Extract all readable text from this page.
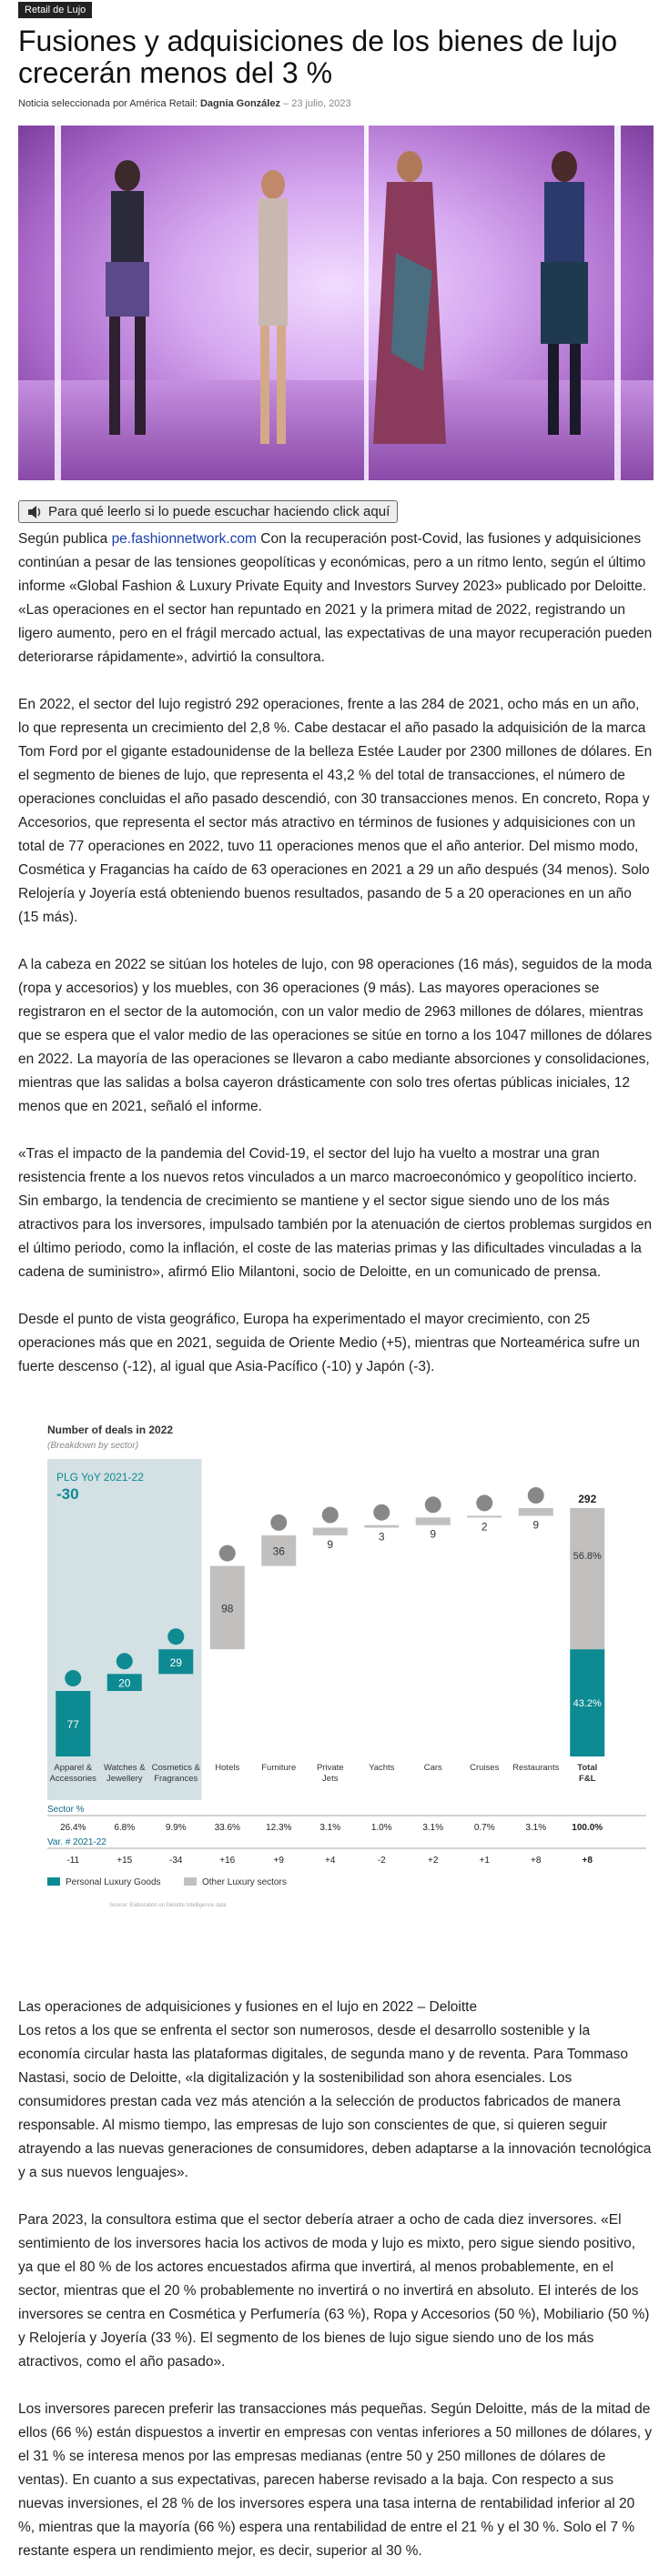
Retail de Lujo
Fusiones y adquisiciones de los bienes de lujo crecerán menos del 3 %
Noticia seleccionada por América Retail: Dagnia González – 23 julio, 2023
Para qué leerlo si lo puede escuchar haciendo click aquí

Según publica pe.fashionnetwork.com Con la recuperación post-Covid, las fusiones y adquisiciones continúan a pesar de las tensiones geopolíticas y económicas, pero a un ritmo lento, según el último informe «Global Fashion & Luxury Private Equity and Investors Survey 2023» publicado por Deloitte. «Las operaciones en el sector han repuntado en 2021 y la primera mitad de 2022, registrando un ligero aumento, pero en el frágil mercado actual, las expectativas de una mayor recuperación pueden deteriorarse rápidamente», advirtió la consultora.

En 2022, el sector del lujo registró 292 operaciones, frente a las 284 de 2021, ocho más en un año, lo que representa un crecimiento del 2,8 %. Cabe destacar el año pasado la adquisición de la marca Tom Ford por el gigante estadounidense de la belleza Estée Lauder por 2300 millones de dólares. En el segmento de bienes de lujo, que representa el 43,2 % del total de transacciones, el número de operaciones concluidas el año pasado descendió, con 30 transacciones menos. En concreto, Ropa y Accesorios, que representa el sector más atractivo en términos de fusiones y adquisiciones con un total de 77 operaciones en 2022, tuvo 11 operaciones menos que el año anterior. Del mismo modo, Cosmética y Fragancias ha caído de 63 operaciones en 2021 a 29 un año después (34 menos). Solo Relojería y Joyería está obteniendo buenos resultados, pasando de 5 a 20 operaciones en un año (15 más).

A la cabeza en 2022 se sitúan los hoteles de lujo, con 98 operaciones (16 más), seguidos de la moda (ropa y accesorios) y los muebles, con 36 operaciones (9 más). Las mayores operaciones se registraron en el sector de la automoción, con un valor medio de 2963 millones de dólares, mientras que se espera que el valor medio de las operaciones se sitúe en torno a los 1047 millones de dólares en 2022. La mayoría de las operaciones se llevaron a cabo mediante absorciones y consolidaciones, mientras que las salidas a bolsa cayeron drásticamente con solo tres ofertas públicas iniciales, 12 menos que en 2021, señaló el informe.

«Tras el impacto de la pandemia del Covid-19, el sector del lujo ha vuelto a mostrar una gran resistencia frente a los nuevos retos vinculados a un marco macroeconómico y geopolítico incierto. Sin embargo, la tendencia de crecimiento se mantiene y el sector sigue siendo uno de los más atractivos para los inversores, impulsado también por la atenuación de ciertos problemas surgidos en el último periodo, como la inflación, el coste de las materias primas y las dificultades vinculadas a la cadena de suministro», afirmó Elio Milantoni, socio de Deloitte, en un comunicado de prensa.

Desde el punto de vista geográfico, Europa ha experimentado el mayor crecimiento, con 25 operaciones más que en 2021, seguida de Oriente Medio (+5), mientras que Norteamérica sufre un fuerte descenso (-12), al igual que Asia-Pacífico (-10) y Japón (-3).

Number of deals in 2022
(Breakdown by sector)
PLG YoY 2021-22
-30
77
20
29
98
36
9
3	9
2	9
56.8%
43.2%
292
Apparel &
Accessories
Watches &
Jewellery
Cosmetics &
Fragrances
Hotels	Furniture Private
Jets
Yachts	Cars	Cruises Restaurants Total
F&L
Sector %
26.4%	6.8%	9.9%	33.6%	12.3%	3.1%	1.0%	3.1%	0.7%	3.1%	100.0%
Var. # 2021-22
-11	+15	-34	+16	+9	+4	-2	+2	+1	+8	+8
Personal Luxury Goods	Other Luxury sectors
Source: Elaboration on Deloitte Intelligence data
Las operaciones de adquisiciones y fusiones en el lujo en 2022 – Deloitte

Los retos a los que se enfrenta el sector son numerosos, desde el desarrollo sostenible y la economía circular hasta las plataformas digitales, de segunda mano y de reventa. Para Tommaso Nastasi, socio de Deloitte, «la digitalización y la sostenibilidad son ahora esenciales. Los consumidores prestan cada vez más atención a la selección de productos fabricados de manera responsable. Al mismo tiempo, las empresas de lujo son conscientes de que, si quieren seguir atrayendo a las nuevas generaciones de consumidores, deben adaptarse a la innovación tecnológica y a sus nuevos lenguajes».

Para 2023, la consultora estima que el sector debería atraer a ocho de cada diez inversores. «El sentimiento de los inversores hacia los activos de moda y lujo es mixto, pero sigue siendo positivo, ya que el 80 % de los actores encuestados afirma que invertirá, al menos probablemente, en el sector, mientras que el 20 % probablemente no invertirá o no invertirá en absoluto. El interés de los inversores se centra en Cosmética y Perfumería (63 %), Ropa y Accesorios (50 %), Mobiliario (50 %) y Relojería y Joyería (33 %). El segmento de los bienes de lujo sigue siendo uno de los más atractivos, como el año pasado».

Los inversores parecen preferir las transacciones más pequeñas. Según Deloitte, más de la mitad de ellos (66 %) están dispuestos a invertir en empresas con ventas inferiores a 50 millones de dólares, y el 31 % se interesa menos por las empresas medianas (entre 50 y 250 millones de dólares de ventas). En cuanto a sus expectativas, parecen haberse revisado a la baja. Con respecto a sus nuevas inversiones, el 28 % de los inversores espera una tasa interna de rentabilidad inferior al 20 %, mientras que la mayoría (66 %) espera una rentabilidad de entre el 21 % y el 30 %. Solo el 7 % restante espera un rendimiento mejor, es decir, superior al 30 %.
